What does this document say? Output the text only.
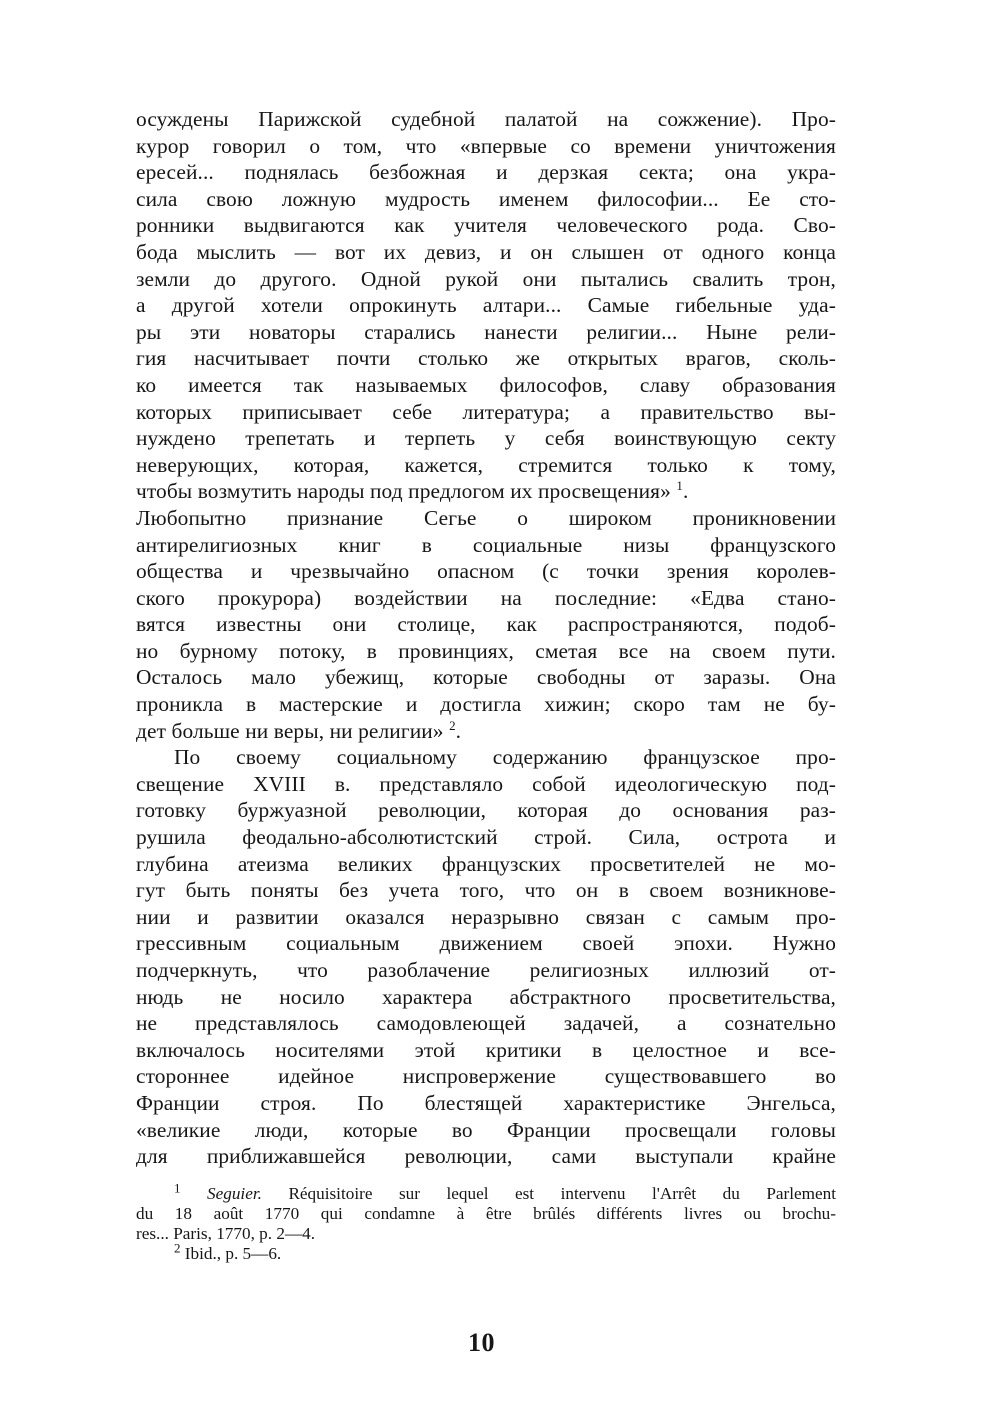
осуждены Парижской судебной палатой на сожжение). Про-
курор говорил о том, что «впервые со времени уничтожения
ересей... поднялась безбожная и дерзкая секта; она укра-
сила свою ложную мудрость именем философии... Ее сто-
ронники выдвигаются как учителя человеческого рода. Сво-
бода мыслить — вот их девиз, и он слышен от одного конца
земли до другого. Одной рукой они пытались свалить трон,
а другой хотели опрокинуть алтари... Самые гибельные уда-
ры эти новаторы старались нанести религии... Ныне рели-
гия насчитывает почти столько же открытых врагов, сколь-
ко имеется так называемых философов, славу образования
которых приписывает себе литература; а правительство вы-
нуждено трепетать и терпеть у себя воинствующую секту
неверующих, которая, кажется, стремится только к тому,
чтобы возмутить народы под предлогом их просвещения» $^1$.
Любопытно признание Сегье о широком проникновении
антирелигиозных книг в социальные низы французского
общества и чрезвычайно опасном (с точки зрения королев-
ского прокурора) воздействии на последние: «Едва стано-
вятся известны они столице, как распространяются, подоб-
но бурному потоку, в провинциях, сметая все на своем пути.
Осталось мало убежищ, которые свободны от заразы. Она
проникла в мастерские и достигла хижин; скоро там не бу-
дет больше ни веры, ни религии» $^2$.
По своему социальному содержанию французское про-
свещение XVIII в. представляло собой идеологическую под-
готовку буржуазной революции, которая до основания раз-
рушила феодально-абсолютистский строй. Сила, острота и
глубина атеизма великих французских просветителей не мо-
гут быть поняты без учета того, что он в своем возникнове-
нии и развитии оказался неразрывно связан с самым про-
грессивным социальным движением своей эпохи. Нужно
подчеркнуть, что разоблачение религиозных иллюзий от-
нюдь не носило характера абстрактного просветительства,
не представлялось самодовлеющей задачей, а сознательно
включалось носителями этой критики в целостное и все-
стороннее идейное ниспровержение существовавшего во
Франции строя. По блестящей характеристике Энгельса,
«великие люди, которые во Франции просвещали головы
для приближавшейся революции, сами выступали крайне
$^1$ Seguier. Réquisitoire sur lequel est intervenu l'Arrêt du Parlement
du 18 août 1770 qui condamne à être brûlés différents livres ou brochu-
res... Paris, 1770, p. 2—4.
$^2$ Ibid., p. 5—6.
10
